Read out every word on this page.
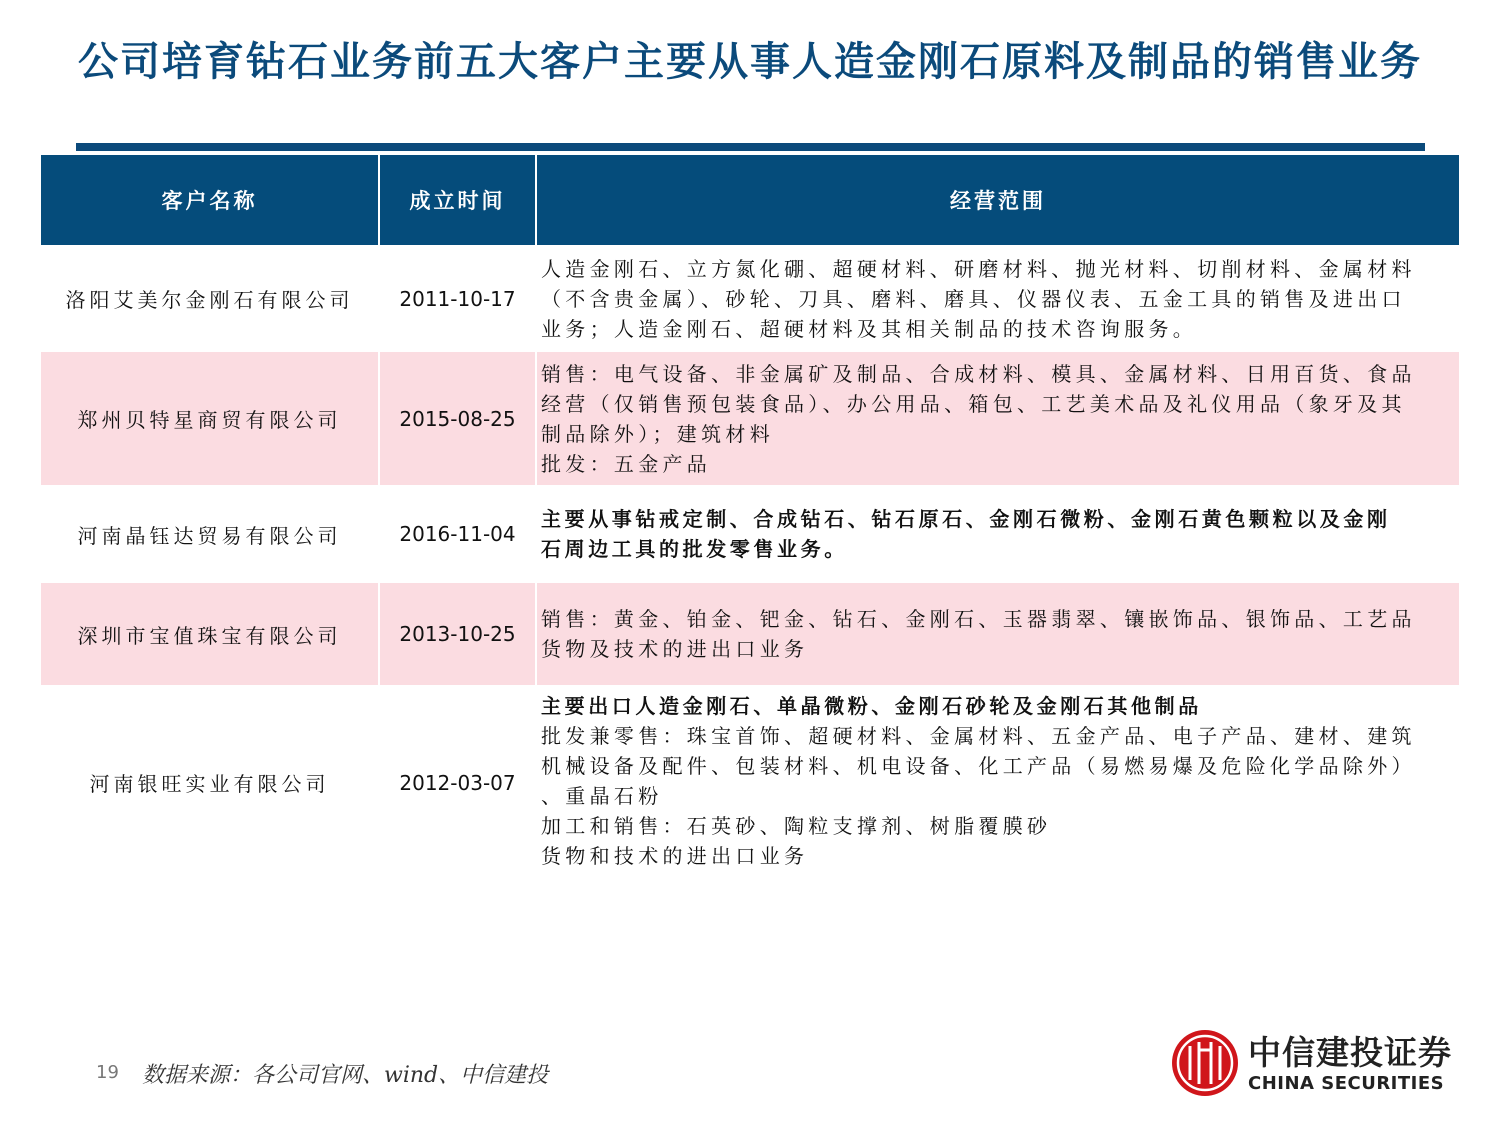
公司培育钻石业务前五大客户主要从事人造金刚石原料及制品的销售业务
客户名称	成立时间	经营范围
洛阳艾美尔金刚石有限公司 2011-10-17
人造金刚石、立方氮化硼、超硬材料、研磨材料、抛光材料、切削材料、金属材料
（不含贵金属）、砂轮、刀具、磨料、磨具、仪器仪表、五金工具的销售及进出口
业务；人造金刚石、超硬材料及其相关制品的技术咨询服务。
郑州贝特星商贸有限公司	2015-08-25
销售：电气设备、非金属矿及制品、合成材料、模具、金属材料、日用百货、食品
经营（仅销售预包装食品）、办公用品、箱包、工艺美术品及礼仪用品（象牙及其
制品除外）；建筑材料
批发：五金产品
河南晶钰达贸易有限公司	2016-11-04
主要从事钻戒定制、合成钻石、钻石原石、金刚石微粉、金刚石黄色颗粒以及金刚
石周边工具的批发零售业务。
深圳市宝值珠宝有限公司	2013-10-25
销售：黄金、铂金、钯金、钻石、金刚石、玉器翡翠、镶嵌饰品、银饰品、工艺品
货物及技术的进出口业务
河南银旺实业有限公司	2012-03-07
主要出口人造金刚石、单晶微粉、金刚石砂轮及金刚石其他制品
批发兼零售：珠宝首饰、超硬材料、金属材料、五金产品、电子产品、建材、建筑
机械设备及配件、包装材料、机电设备、化工产品（易燃易爆及危险化学品除外）
、重晶石粉
加工和销售：石英砂、陶粒支撑剂、树脂覆膜砂
货物和技术的进出口业务
19 数据来源：各公司官网、wind、中信建投
中信建投证券
CHINA SECURITIES
